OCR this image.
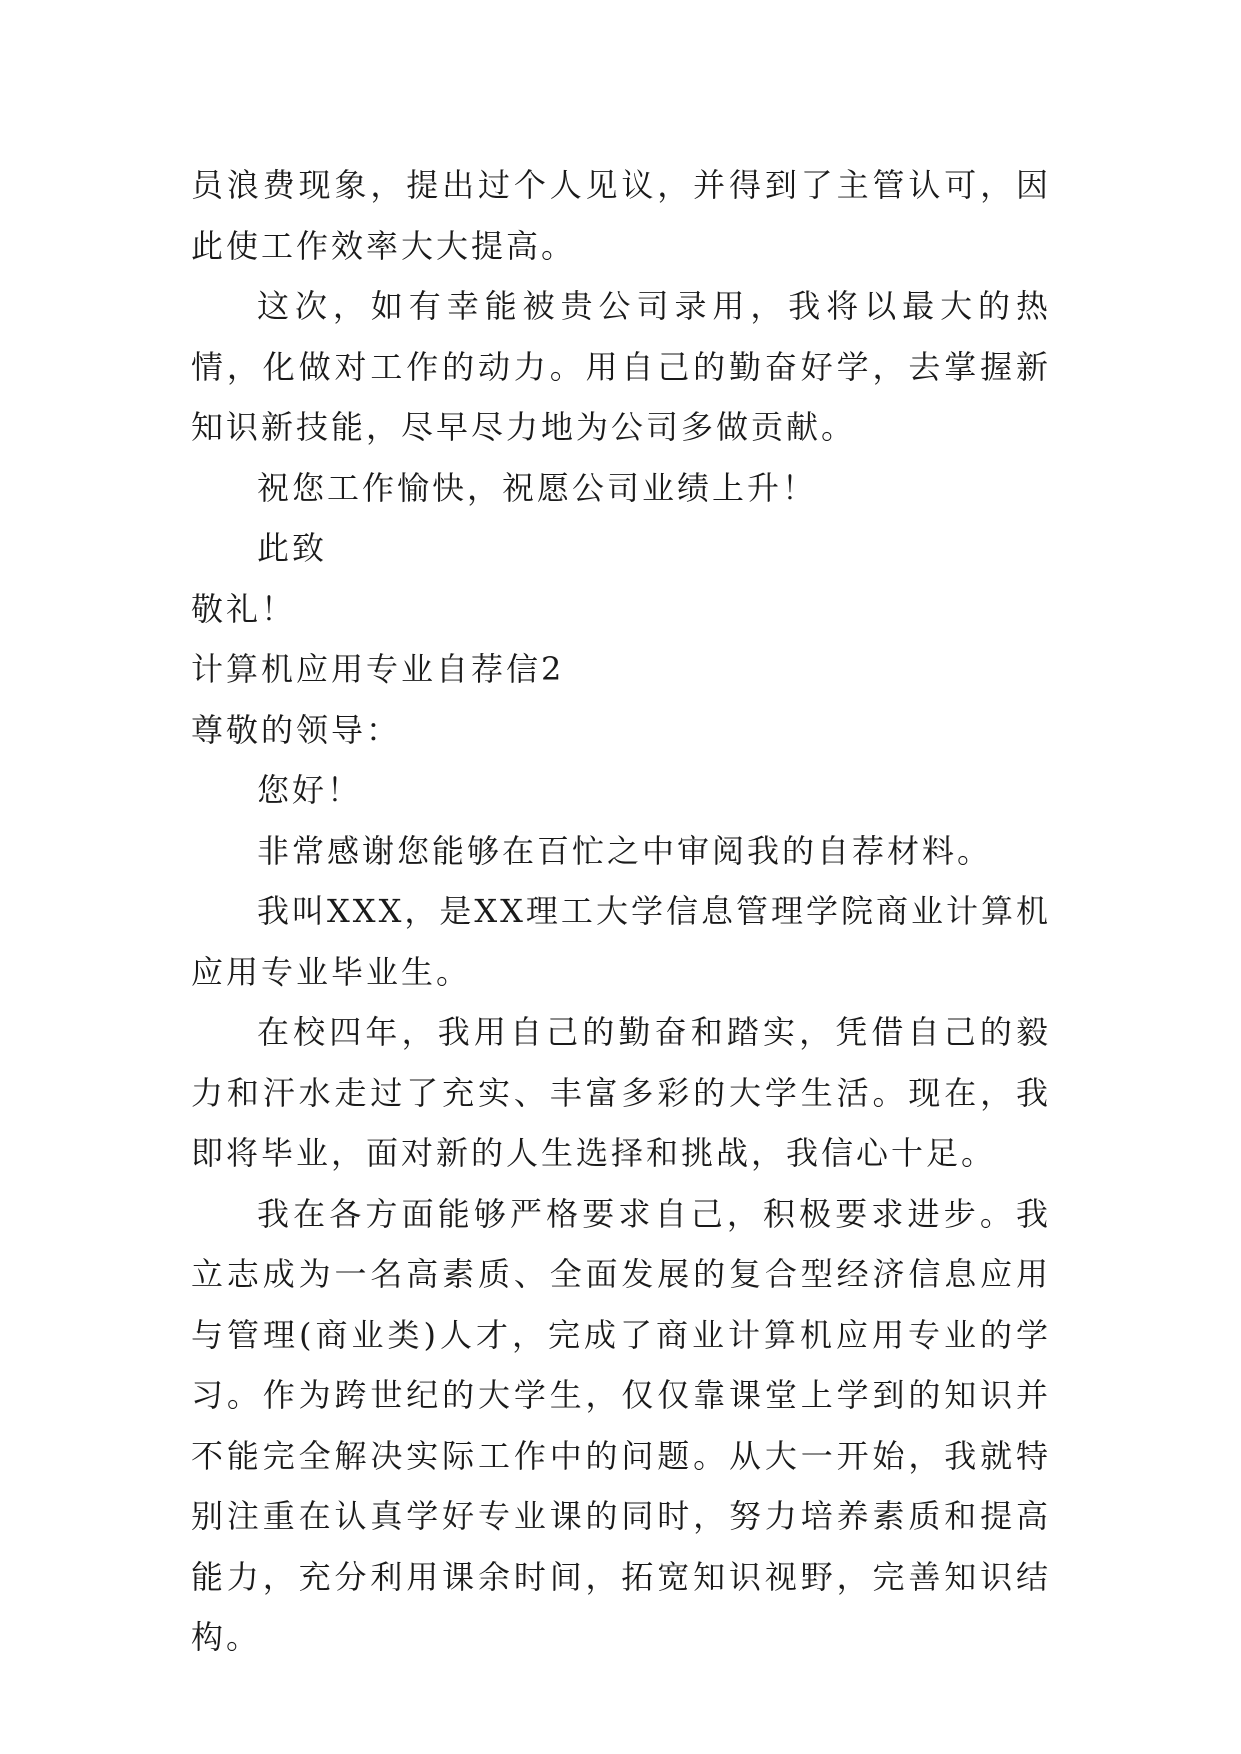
员浪费现象，提出过个人见议，并得到了主管认可，因此使工作效率大大提高。

这次，如有幸能被贵公司录用，我将以最大的热情，化做对工作的动力。用自己的勤奋好学，去掌握新知识新技能，尽早尽力地为公司多做贡献。

祝您工作愉快，祝愿公司业绩上升！

此致

敬礼！

计算机应用专业自荐信2

尊敬的领导：

您好！

非常感谢您能够在百忙之中审阅我的自荐材料。

我叫XXX，是XX理工大学信息管理学院商业计算机应用专业毕业生。

在校四年，我用自己的勤奋和踏实，凭借自己的毅力和汗水走过了充实、丰富多彩的大学生活。现在，我即将毕业，面对新的人生选择和挑战，我信心十足。

我在各方面能够严格要求自己，积极要求进步。我立志成为一名高素质、全面发展的复合型经济信息应用与管理(商业类)人才，完成了商业计算机应用专业的学习。作为跨世纪的大学生，仅仅靠课堂上学到的知识并不能完全解决实际工作中的问题。从大一开始，我就特别注重在认真学好专业课的同时，努力培养素质和提高能力，充分利用课余时间，拓宽知识视野，完善知识结构。
